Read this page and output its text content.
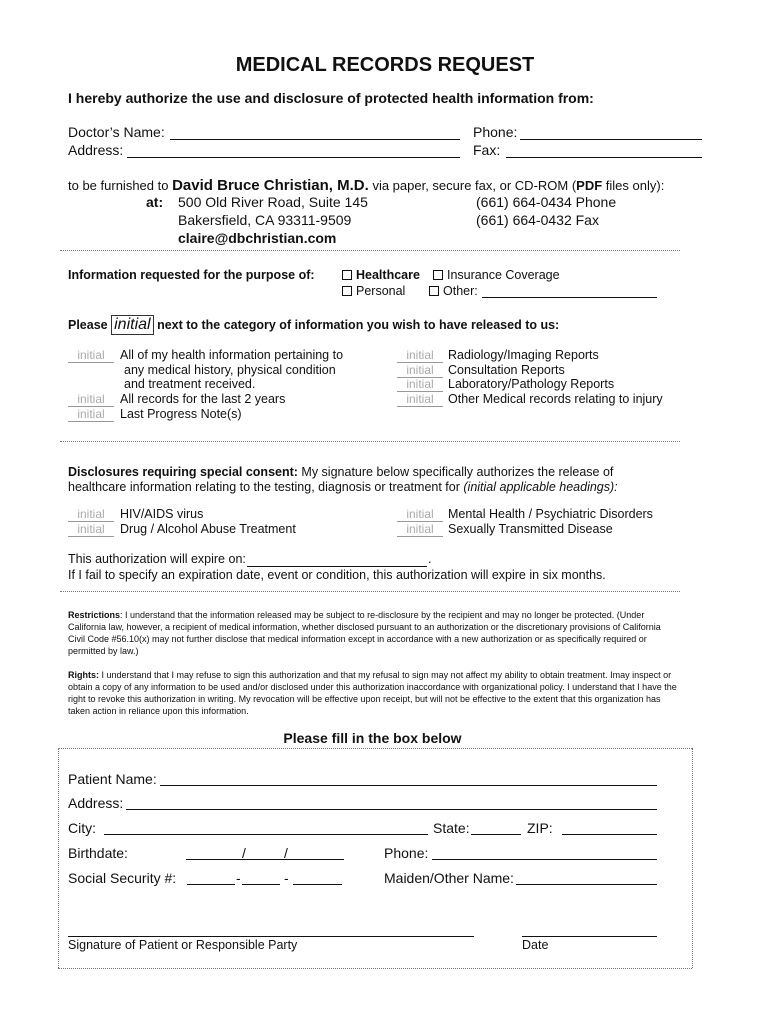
MEDICAL RECORDS REQUEST
I hereby authorize the use and disclosure of protected health information from:
Doctor’s Name:	Phone:
Address:	Fax:
to be furnished to David Bruce Christian, M.D. via paper, secure fax, or CD-ROM (PDF files only):
at: 500 Old River Road, Suite 145
Bakersfield, CA 93311-9509
claire@dbchristian.com
(661) 664-0434 Phone
(661) 664-0432 Fax
Information requested for the purpose of:	Healthcare	Insurance Coverage
Personal	Other:
Please initial next to the category of information you wish to have released to us:
initial	All of my health information pertaining to
any medical history, physical condition
and treatment received.
initial	All records for the last 2 years
initial	Last Progress Note(s)
initial	Radiology/Imaging Reports
initial	Consultation Reports
initial	Laboratory/Pathology Reports
initial	Other Medical records relating to injury
Disclosures requiring special consent: My signature below specifically authorizes the release of
healthcare information relating to the testing, diagnosis or treatment for (initial applicable headings):
initial	HIV/AIDS virus
initial	Drug / Alcohol Abuse Treatment
initial	Mental Health / Psychiatric Disorders
initial	Sexually Transmitted Disease
This authorization will expire on:	.
If I fail to specify an expiration date, event or condition, this authorization will expire in six months.
Restrictions: I understand that the information released may be subject to re-disclosure by the recipient and may no longer be protected. (Under California law, however, a recipient of medical information, whether disclosed pursuant to an authorization or the discretionary provisions of California Civil Code #56.10(x) may not further disclose that medical information except in accordance with a new authorization or as specifically required or permitted by law.)
Rights: I understand that I may refuse to sign this authorization and that my refusal to sign may not affect my ability to obtain treatment. Imay inspect or obtain a copy of any information to be used and/or disclosed under this authorization inaccordance with organizational policy. I understand that I have the right to revoke this authorization in writing. My revocation will be effective upon receipt, but will not be effective to the extent that this organization has taken action in reliance upon this information.
Please fill in the box below
Patient Name:
Address:
City:	State:	ZIP:
Birthdate:	/	/	Phone:
Social Security #:	-	-	Maiden/Other Name:
Signature of Patient or Responsible Party	Date
